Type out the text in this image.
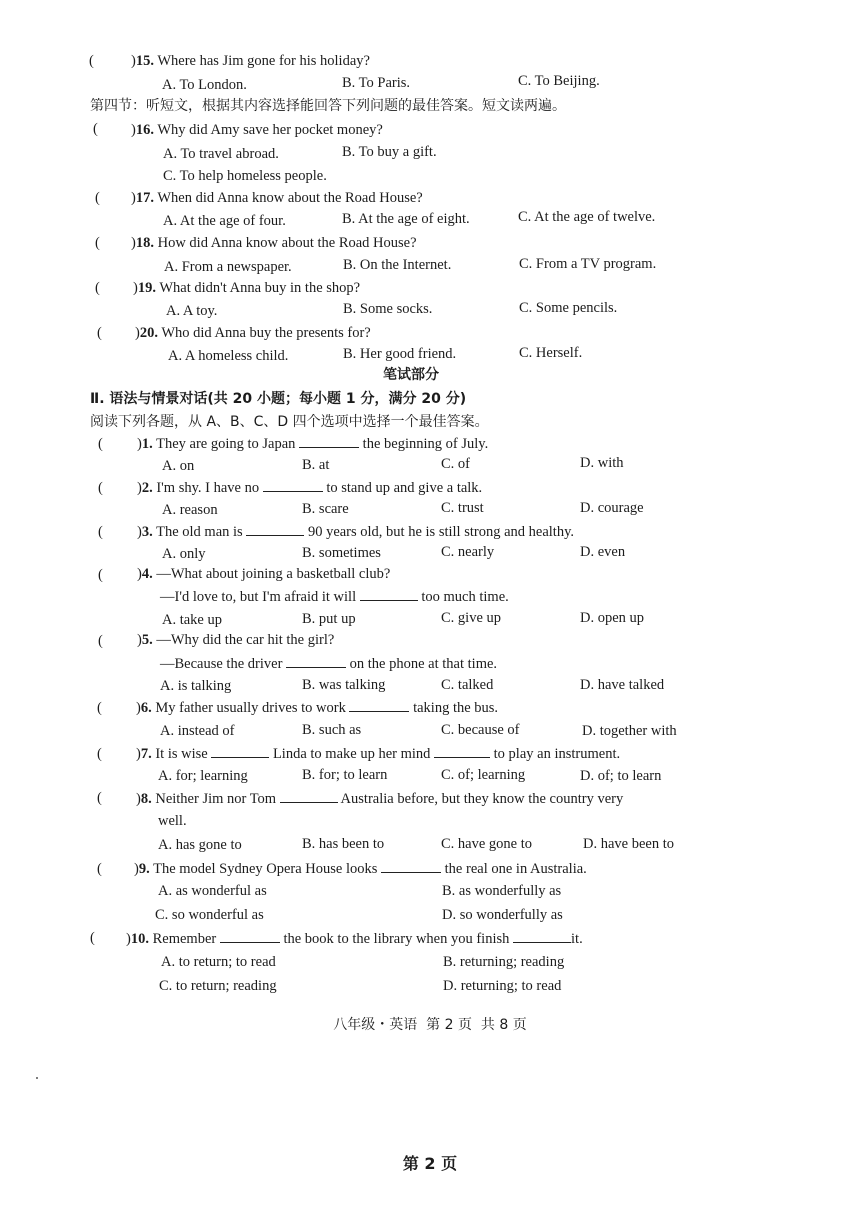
(	)15. Where has Jim gone for his holiday?
A. To London.	B. To Paris.	C. To Beijing.
第四节：听短文，根据其内容选择能回答下列问题的最佳答案。短文读两遍。
( )16. Why did Amy save her pocket money?
A. To travel abroad.	B. To buy a gift.
C. To help homeless people.
( )17. When did Anna know about the Road House?
A. At the age of four.	B. At the age of eight.	C. At the age of twelve.
( )18. How did Anna know about the Road House?
A. From a newspaper.	B. On the Internet.	C. From a TV program.
( )19. What didn't Anna buy in the shop?
A. A toy.	B. Some socks.	C. Some pencils.
( )20. Who did Anna buy the presents for?
A. A homeless child.	B. Her good friend.	C. Herself.
笔试部分
Ⅱ. 语法与情景对话(共 20 小题；每小题 1 分，满分 20 分)
阅读下列各题，从 A、B、C、D 四个选项中选择一个最佳答案。
( )1. They are going to Japan	the beginning of July.
A. on	B. at	C. of	D. with
( )2. I'm shy. I have no	to stand up and give a talk.
A. reason	B. scare	C. trust	D. courage
( )3. The old man is	90 years old, but he is still strong and healthy.
A. only	B. sometimes	C. nearly	D. even
( )4. —What about joining a basketball club?
—I'd love to, but I'm afraid it will	too much time.
A. take up	B. put up	C. give up	D. open up
( )5. —Why did the car hit the girl?
—Because the driver	on the phone at that time.
A. is talking	B. was talking	C. talked	D. have talked
( )6. My father usually drives to work	taking the bus.
A. instead of	B. such as	C. because of	D. together with
( )7. It is wise	Linda to make up her mind	to play an instrument.
A. for; learning	B. for; to learn	C. of; learning	D. of; to learn
( )8. Neither Jim nor Tom	Australia before, but they know the country very
well.
A. has gone to	B. has been to	C. have gone to	D. have been to
( )9. The model Sydney Opera House looks	the real one in Australia.
A. as wonderful as	B. as wonderfully as
C. so wonderful as	D. so wonderfully as
( )10. Remember	the book to the library when you finish	it.
A. to return; to read	B. returning; reading
C. to return; reading	D. returning; to read
八年级・英语  第 2 页  共 8 页
第 2 页
